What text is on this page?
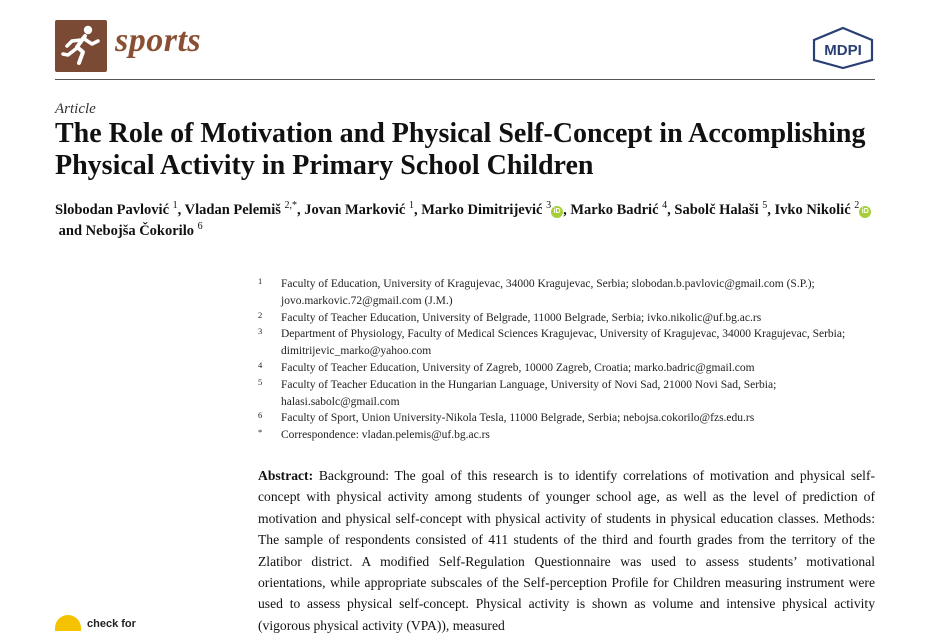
sports	MDPI
Article
The Role of Motivation and Physical Self-Concept in Accomplishing Physical Activity in Primary School Children
Slobodan Pavlović $^1$, Vladan Pelemiš $^{2,*}$, Jovan Marković $^1$, Marko Dimitrijević $^3$iD , Marko Badrić $^4$, Sabolč Halaši $^5$, Ivko Nikolić $^2$iD and Nebojša Čokorilo $^6$
1 Faculty of Education, University of Kragujevac, 34000 Kragujevac, Serbia; slobodan.b.pavlovic@gmail.com (S.P.); jovo.markovic.72@gmail.com (J.M.)
2 Faculty of Teacher Education, University of Belgrade, 11000 Belgrade, Serbia; ivko.nikolic@uf.bg.ac.rs
3 Department of Physiology, Faculty of Medical Sciences Kragujevac, University of Kragujevac, 34000 Kragujevac, Serbia; dimitrijevic_marko@yahoo.com
4 Faculty of Teacher Education, University of Zagreb, 10000 Zagreb, Croatia; marko.badric@gmail.com
5 Faculty of Teacher Education in the Hungarian Language, University of Novi Sad, 21000 Novi Sad, Serbia; halasi.sabolc@gmail.com
6 Faculty of Sport, Union University-Nikola Tesla, 11000 Belgrade, Serbia; nebojsa.cokorilo@fzs.edu.rs
* Correspondence: vladan.pelemis@uf.bg.ac.rs
Abstract: Background: The goal of this research is to identify correlations of motivation and physical self-concept with physical activity among students of younger school age, as well as the level of prediction of motivation and physical self-concept with physical activity of students in physical education classes. Methods: The sample of respondents consisted of 411 students of the third and fourth grades from the territory of the Zlatibor district. A modified Self-Regulation Questionnaire was used to assess students’ motivational orientations, while appropriate subscales of the Self-perception Profile for Children measuring instrument were used to assess physical self-concept. Physical activity is shown as volume and intensive physical activity (vigorous physical activity (VPA)), measured
check for
